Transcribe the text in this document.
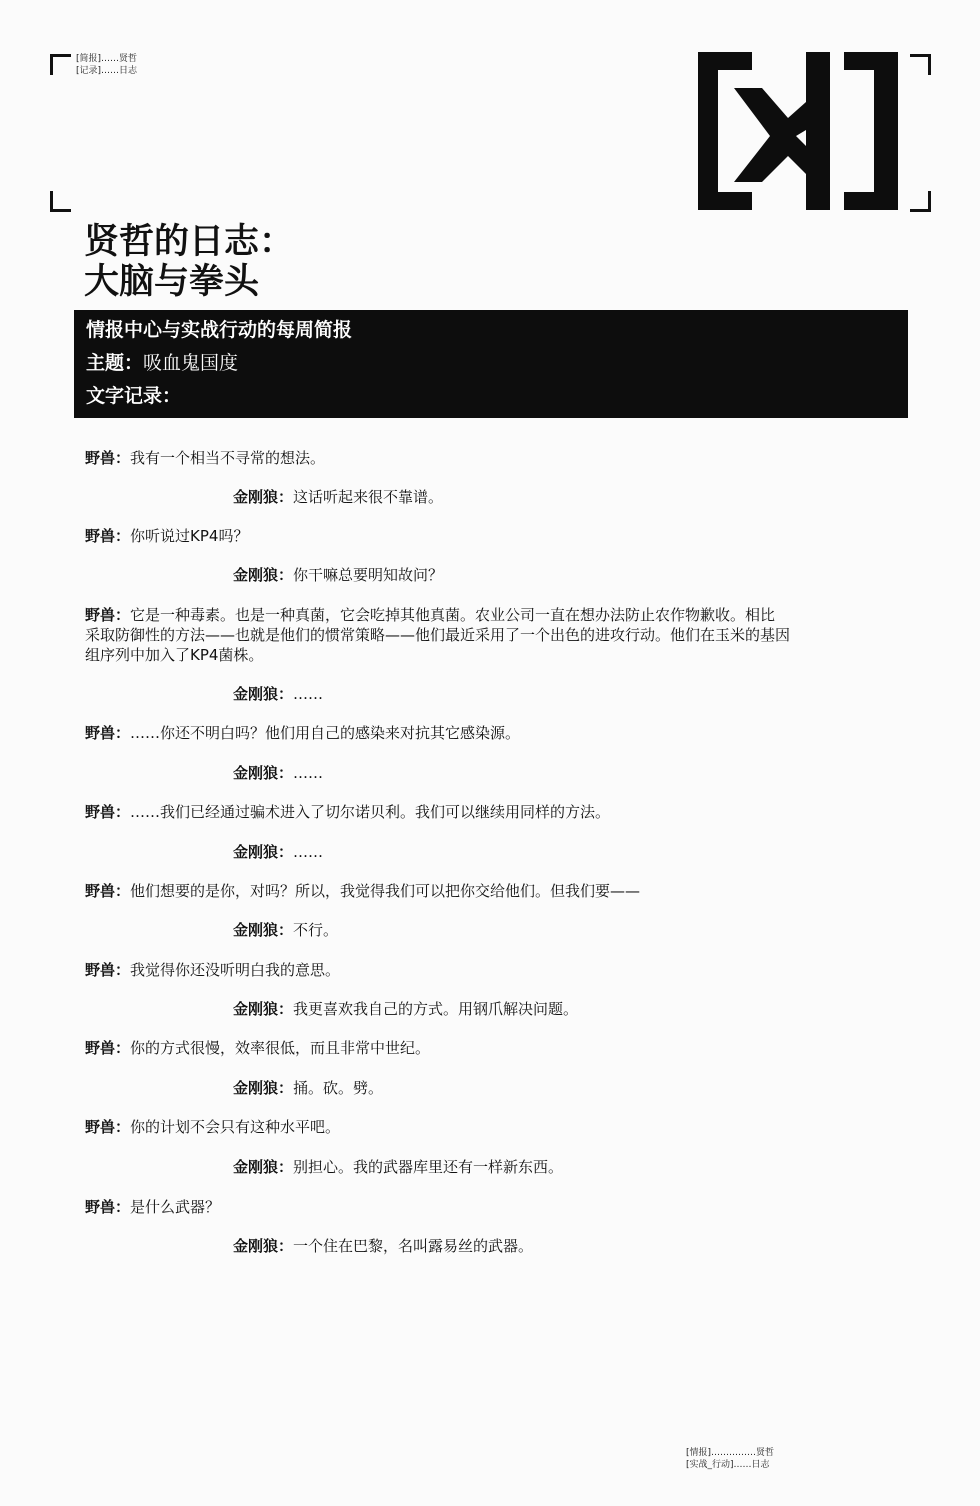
[简报]……贤哲
[记录]……日志
贤哲的日志：
大脑与拳头
情报中心与实战行动的每周简报
主题：吸血鬼国度
文字记录：
野兽：我有一个相当不寻常的想法。
金刚狼：这话听起来很不靠谱。
野兽：你听说过KP4吗？
金刚狼：你干嘛总要明知故问？
野兽：它是一种毒素。也是一种真菌，它会吃掉其他真菌。农业公司一直在想办法防止农作物歉收。相比采取防御性的方法——也就是他们的惯常策略——他们最近采用了一个出色的进攻行动。他们在玉米的基因组序列中加入了KP4菌株。
金刚狼：……
野兽：……你还不明白吗？他们用自己的感染来对抗其它感染源。
金刚狼：……
野兽：……我们已经通过骗术进入了切尔诺贝利。我们可以继续用同样的方法。
金刚狼：……
野兽：他们想要的是你，对吗？所以，我觉得我们可以把你交给他们。但我们要——
金刚狼：不行。
野兽：我觉得你还没听明白我的意思。
金刚狼：我更喜欢我自己的方式。用钢爪解决问题。
野兽：你的方式很慢，效率很低，而且非常中世纪。
金刚狼：捅。砍。劈。
野兽：你的计划不会只有这种水平吧。
金刚狼：别担心。我的武器库里还有一样新东西。
野兽：是什么武器？
金刚狼：一个住在巴黎，名叫露易丝的武器。
[情报]……………贤哲
[实战_行动]……日志
